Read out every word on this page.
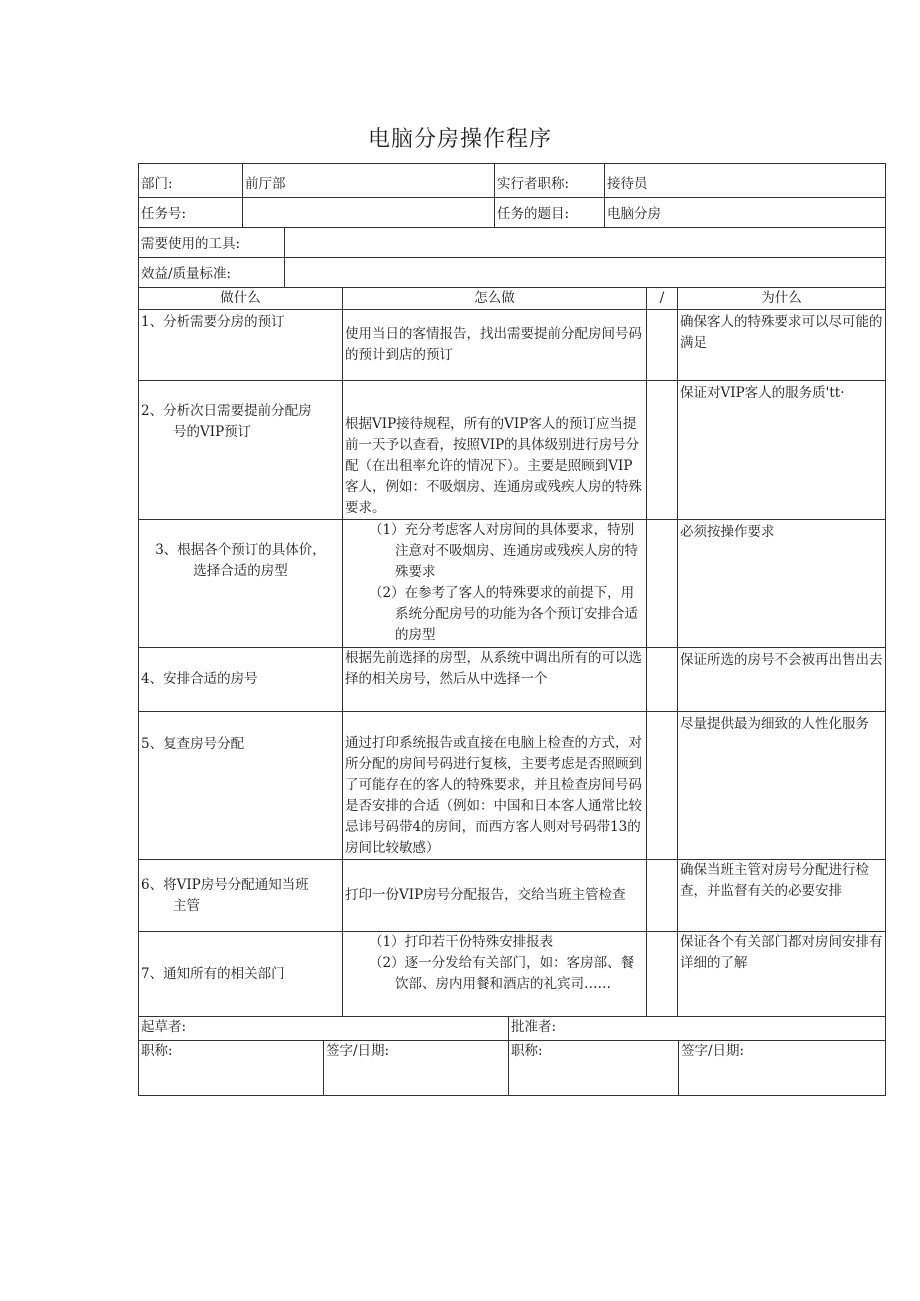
电脑分房操作程序
部门:	前厅部	实行者职称:	接待员
任务号:		任务的题目:	电脑分房
需要使用的工具:	
效益/质量标准:	
做什么	怎么做	/	为什么
1、分析需要分房的预订	使用当日的客情报告，找出需要提前分配房间号码的预计到店的预订		确保客人的特殊要求可以尽可能的满足

2、分析次日需要提前分配房
号的VIP预订	根据VIP接待规程，所有的VIP客人的预订应当提前一天予以查看，按照VIP的具体级别进行房号分配（在出租率允许的情况下）。主要是照顾到VIP客人，例如：不吸烟房、连通房或残疾人房的特殊要求。		保证对VIP客人的服务质'tt·

3、根据各个预订的具体价，
选择合适的房型	（1）充分考虑客人对房间的具体要求，特别注意对不吸烟房、连通房或残疾人房的特殊要求
（2）在参考了客人的特殊要求的前提下，用系统分配房号的功能为各个预订安排合适的房型		必须按操作要求
4、安排合适的房号	根据先前选择的房型，从系统中调出所有的可以选择的相关房号，然后从中选择一个		保证所选的房号不会被再出售出去
5、复查房号分配	通过打印系统报告或直接在电脑上检查的方式，对所分配的房间号码进行复核，主要考虑是否照顾到了可能存在的客人的特殊要求，并且检查房间号码是否安排的合适（例如：中国和日本客人通常比较忌讳号码带4的房间，而西方客人则对号码带13的房间比较敏感）		尽量提供最为细致的人性化服务

6、将VIP房号分配通知当班
主管	打印一份VIP房号分配报告，交给当班主管检查		确保当班主管对房号分配进行检查，并监督有关的必要安排
7、通知所有的相关部门	（1）打印若干份特殊安排报表
（2）逐一分发给有关部门，如：客房部、餐饮部、房内用餐和酒店的礼宾司……		保证各个有关部门都对房间安排有详细的了解
起草者:		批准者:	
职称:	签字/日期:	职称:	签字/日期:
